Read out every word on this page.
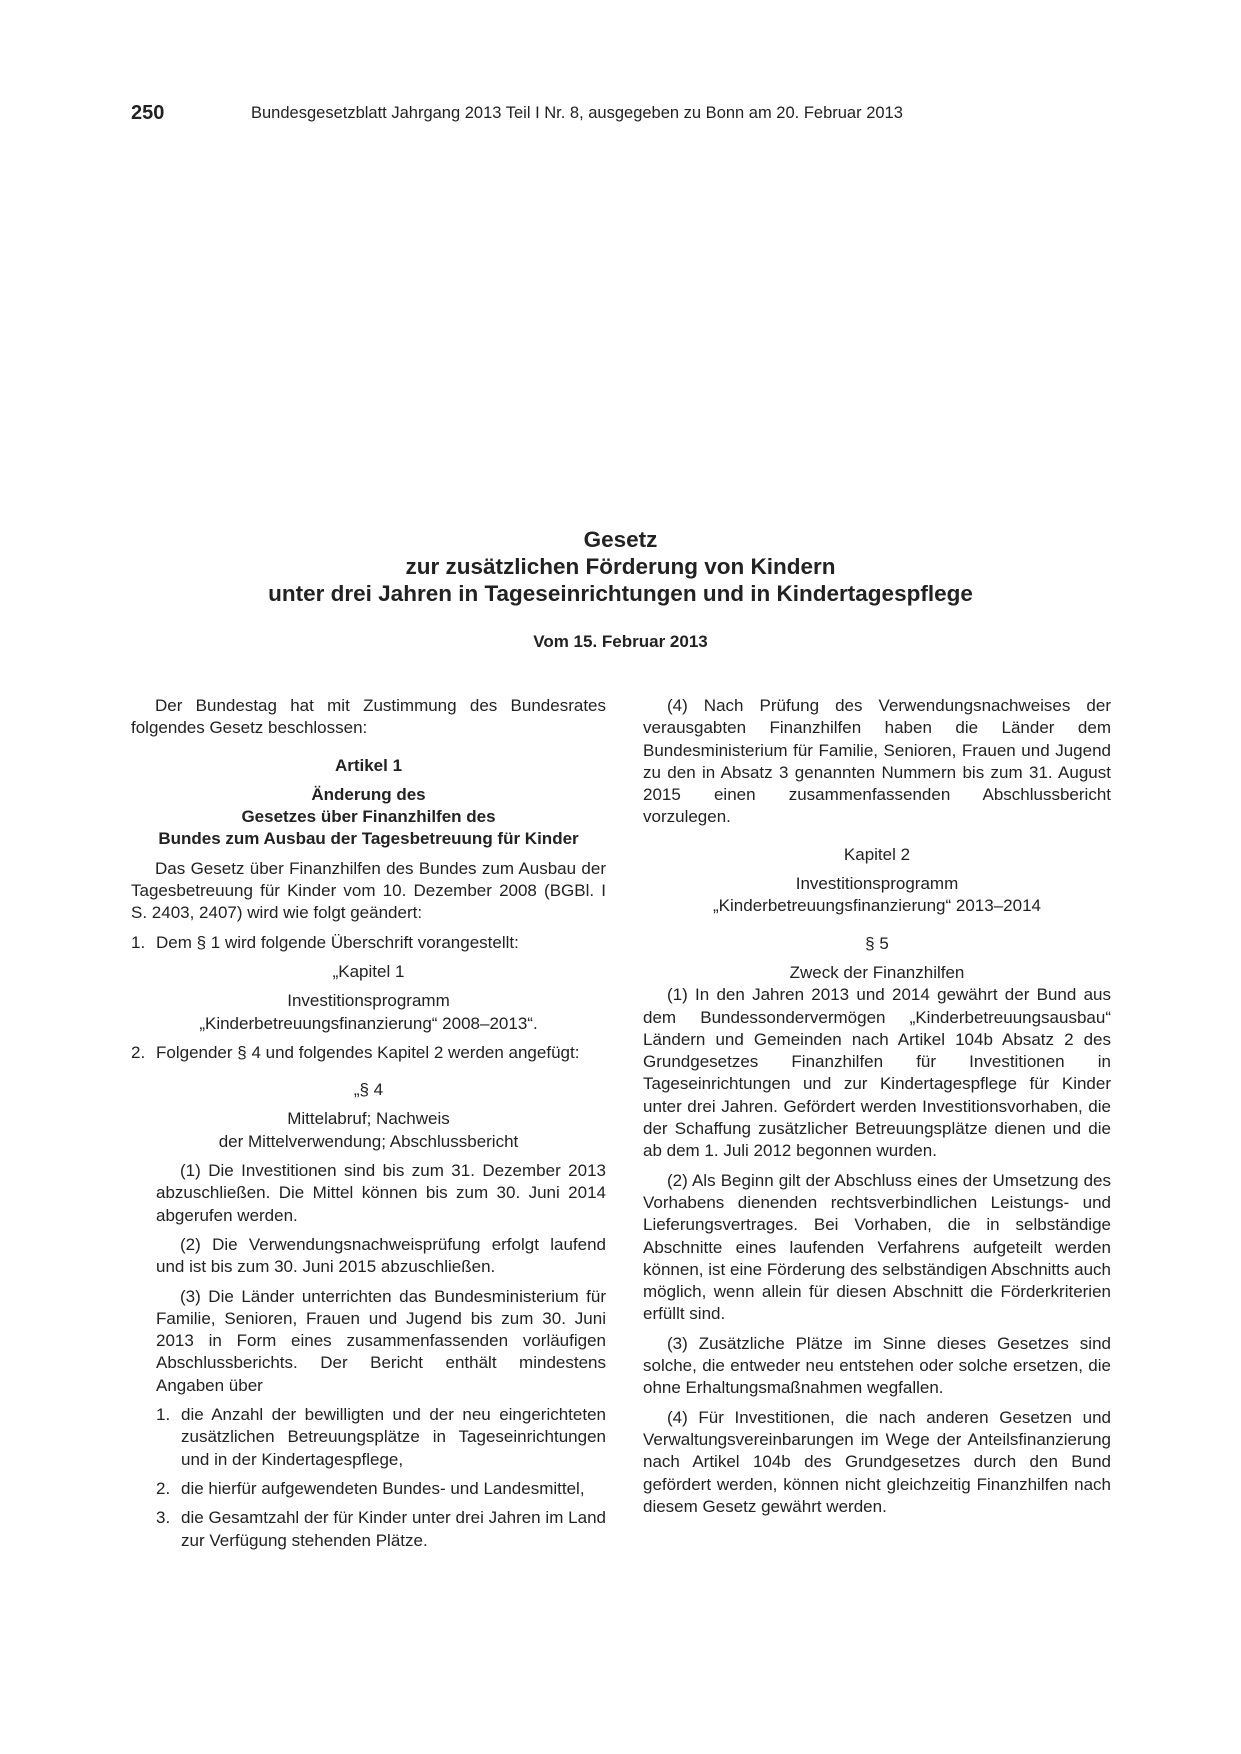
250	Bundesgesetzblatt Jahrgang 2013 Teil I Nr. 8, ausgegeben zu Bonn am 20. Februar 2013

Gesetz

zur zusätzlichen Förderung von Kindern

unter drei Jahren in Tageseinrichtungen und in Kindertagespflege

Vom 15. Februar 2013

Der Bundestag hat mit Zustimmung des Bundesrates folgendes Gesetz beschlossen:

Artikel 1

Änderung des

Gesetzes über Finanzhilfen des

Bundes zum Ausbau der Tagesbetreuung für Kinder

Das Gesetz über Finanzhilfen des Bundes zum Ausbau der Tagesbetreuung für Kinder vom 10. Dezember 2008 (BGBl. I S. 2403, 2407) wird wie folgt geändert:

1. Dem § 1 wird folgende Überschrift vorangestellt:

„Kapitel 1

Investitionsprogramm

„Kinderbetreuungsfinanzierung“ 2008–2013“.

2. Folgender § 4 und folgendes Kapitel 2 werden angefügt:

„§ 4

Mittelabruf; Nachweis

der Mittelverwendung; Abschlussbericht

(1) Die Investitionen sind bis zum 31. Dezember 2013 abzuschließen. Die Mittel können bis zum 30. Juni 2014 abgerufen werden.

(2) Die Verwendungsnachweisprüfung erfolgt laufend und ist bis zum 30. Juni 2015 abzuschließen.

(3) Die Länder unterrichten das Bundesministerium für Familie, Senioren, Frauen und Jugend bis zum 30. Juni 2013 in Form eines zusammenfassenden vorläufigen Abschlussberichts. Der Bericht enthält mindestens Angaben über

1. die Anzahl der bewilligten und der neu eingerichteten zusätzlichen Betreuungsplätze in Tageseinrichtungen und in der Kindertagespflege,
2. die hierfür aufgewendeten Bundes- und Landesmittel,
3. die Gesamtzahl der für Kinder unter drei Jahren im Land zur Verfügung stehenden Plätze.

(4) Nach Prüfung des Verwendungsnachweises der verausgabten Finanzhilfen haben die Länder dem Bundesministerium für Familie, Senioren, Frauen und Jugend zu den in Absatz 3 genannten Nummern bis zum 31. August 2015 einen zusammenfassenden Abschlussbericht vorzulegen.

Kapitel 2

Investitionsprogramm

„Kinderbetreuungsfinanzierung“ 2013–2014

§ 5

Zweck der Finanzhilfen

(1) In den Jahren 2013 und 2014 gewährt der Bund aus dem Bundessondervermögen „Kinderbetreuungsausbau“ Ländern und Gemeinden nach Artikel 104b Absatz 2 des Grundgesetzes Finanzhilfen für Investitionen in Tageseinrichtungen und zur Kindertagespflege für Kinder unter drei Jahren. Gefördert werden Investitionsvorhaben, die der Schaffung zusätzlicher Betreuungsplätze dienen und die ab dem 1. Juli 2012 begonnen wurden.

(2) Als Beginn gilt der Abschluss eines der Umsetzung des Vorhabens dienenden rechtsverbindlichen Leistungs- und Lieferungsvertrages. Bei Vorhaben, die in selbständige Abschnitte eines laufenden Verfahrens aufgeteilt werden können, ist eine Förderung des selbständigen Abschnitts auch möglich, wenn allein für diesen Abschnitt die Förderkriterien erfüllt sind.

(3) Zusätzliche Plätze im Sinne dieses Gesetzes sind solche, die entweder neu entstehen oder solche ersetzen, die ohne Erhaltungsmaßnahmen wegfallen.

(4) Für Investitionen, die nach anderen Gesetzen und Verwaltungsvereinbarungen im Wege der Anteilsfinanzierung nach Artikel 104b des Grundgesetzes durch den Bund gefördert werden, können nicht gleichzeitig Finanzhilfen nach diesem Gesetz gewährt werden.
